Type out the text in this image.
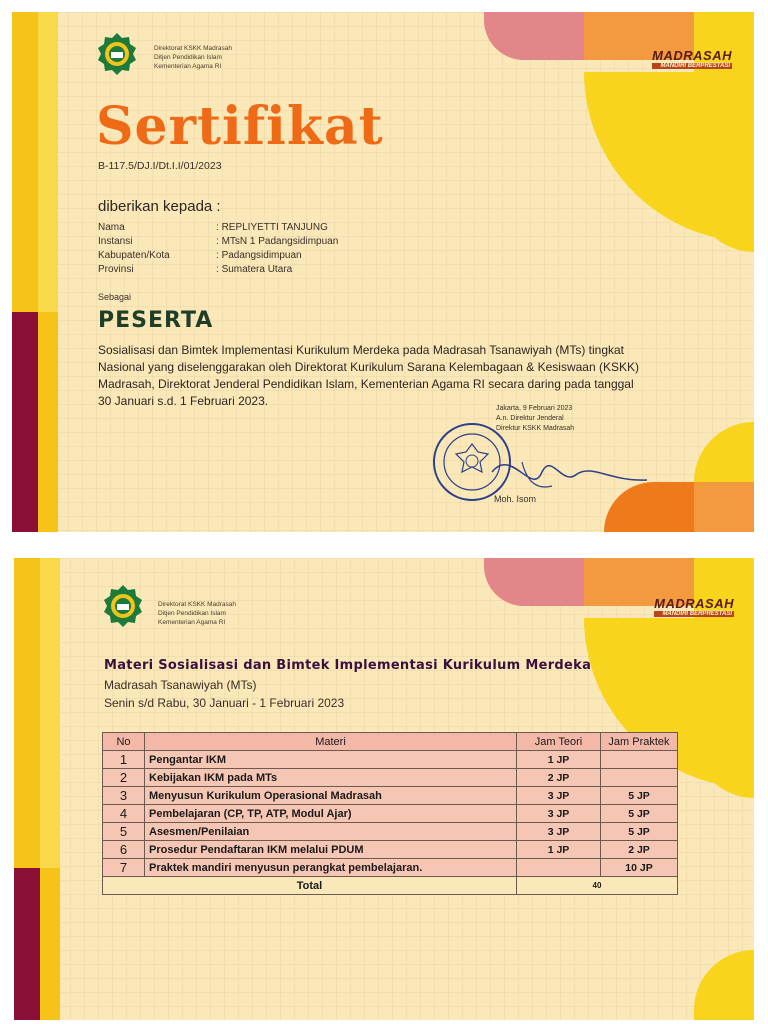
Direktorat KSKK Madrasah
Ditjen Pendidikan Islam
Kementerian Agama RI
MADRASAH
MANDIRI BERPRESTASI
Sertifikat
B-117.5/DJ.I/Dt.I.I/01/2023
diberikan kepada :
Nama	: REPLIYETTI TANJUNG
Instansi	: MTsN 1 Padangsidimpuan
Kabupaten/Kota	: Padangsidimpuan
Provinsi	: Sumatera Utara
Sebagai
PESERTA
Sosialisasi dan Bimtek Implementasi Kurikulum Merdeka pada Madrasah Tsanawiyah (MTs) tingkat
Nasional yang diselenggarakan oleh Direktorat Kurikulum Sarana Kelembagaan & Kesiswaan (KSKK)
Madrasah, Direktorat Jenderal Pendidikan Islam, Kementerian Agama RI secara daring pada tanggal
30 Januari s.d. 1 Februari 2023.
Jakarta, 9 Februari 2023
A.n. Direktur Jenderal
Direktur KSKK Madrasah
Moh. Isom
Direktorat KSKK Madrasah
Ditjen Pendidikan Islam
Kementerian Agama RI
MADRASAH
MANDIRI BERPRESTASI
Materi Sosialisasi dan Bimtek Implementasi Kurikulum Merdeka
Madrasah Tsanawiyah (MTs)
Senin s/d Rabu, 30 Januari - 1 Februari 2023
No	Materi	Jam Teori	Jam Praktek
1	Pengantar IKM	1 JP	
2	Kebijakan IKM pada MTs	2 JP	
3	Menyusun Kurikulum Operasional Madrasah	3 JP	5 JP
4	Pembelajaran (CP, TP, ATP, Modul Ajar)	3 JP	5 JP
5	Asesmen/Penilaian	3 JP	5 JP
6	Prosedur Pendaftaran IKM melalui PDUM	1 JP	2 JP
7	Praktek mandiri menyusun perangkat pembelajaran.		10 JP
Total		40	
